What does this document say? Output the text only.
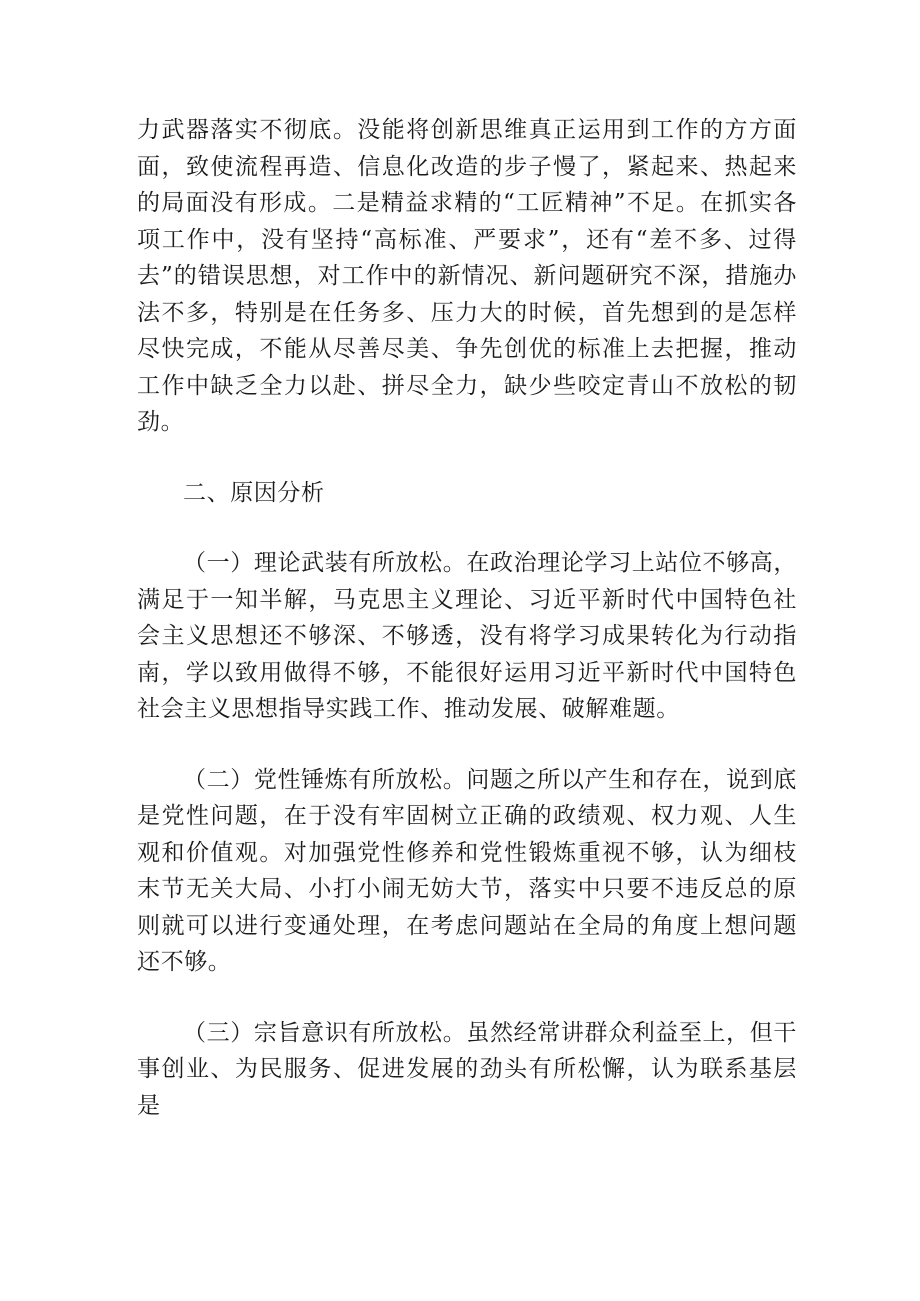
力武器落实不彻底。没能将创新思维真正运用到工作的方方面面，致使流程再造、信息化改造的步子慢了，紧起来、热起来的局面没有形成。二是精益求精的“工匠精神”不足。在抓实各项工作中，没有坚持“高标准、严要求”，还有“差不多、过得去”的错误思想，对工作中的新情况、新问题研究不深，措施办法不多，特别是在任务多、压力大的时候，首先想到的是怎样尽快完成，不能从尽善尽美、争先创优的标准上去把握，推动工作中缺乏全力以赴、拼尽全力，缺少些咬定青山不放松的韧劲。

二、原因分析

（一）理论武装有所放松。在政治理论学习上站位不够高，满足于一知半解，马克思主义理论、习近平新时代中国特色社会主义思想还不够深、不够透，没有将学习成果转化为行动指南，学以致用做得不够，不能很好运用习近平新时代中国特色社会主义思想指导实践工作、推动发展、破解难题。

（二）党性锤炼有所放松。问题之所以产生和存在，说到底是党性问题，在于没有牢固树立正确的政绩观、权力观、人生观和价值观。对加强党性修养和党性锻炼重视不够，认为细枝末节无关大局、小打小闹无妨大节，落实中只要不违反总的原则就可以进行变通处理，在考虑问题站在全局的角度上想问题还不够。

（三）宗旨意识有所放松。虽然经常讲群众利益至上，但干事创业、为民服务、促进发展的劲头有所松懈，认为联系基层是
